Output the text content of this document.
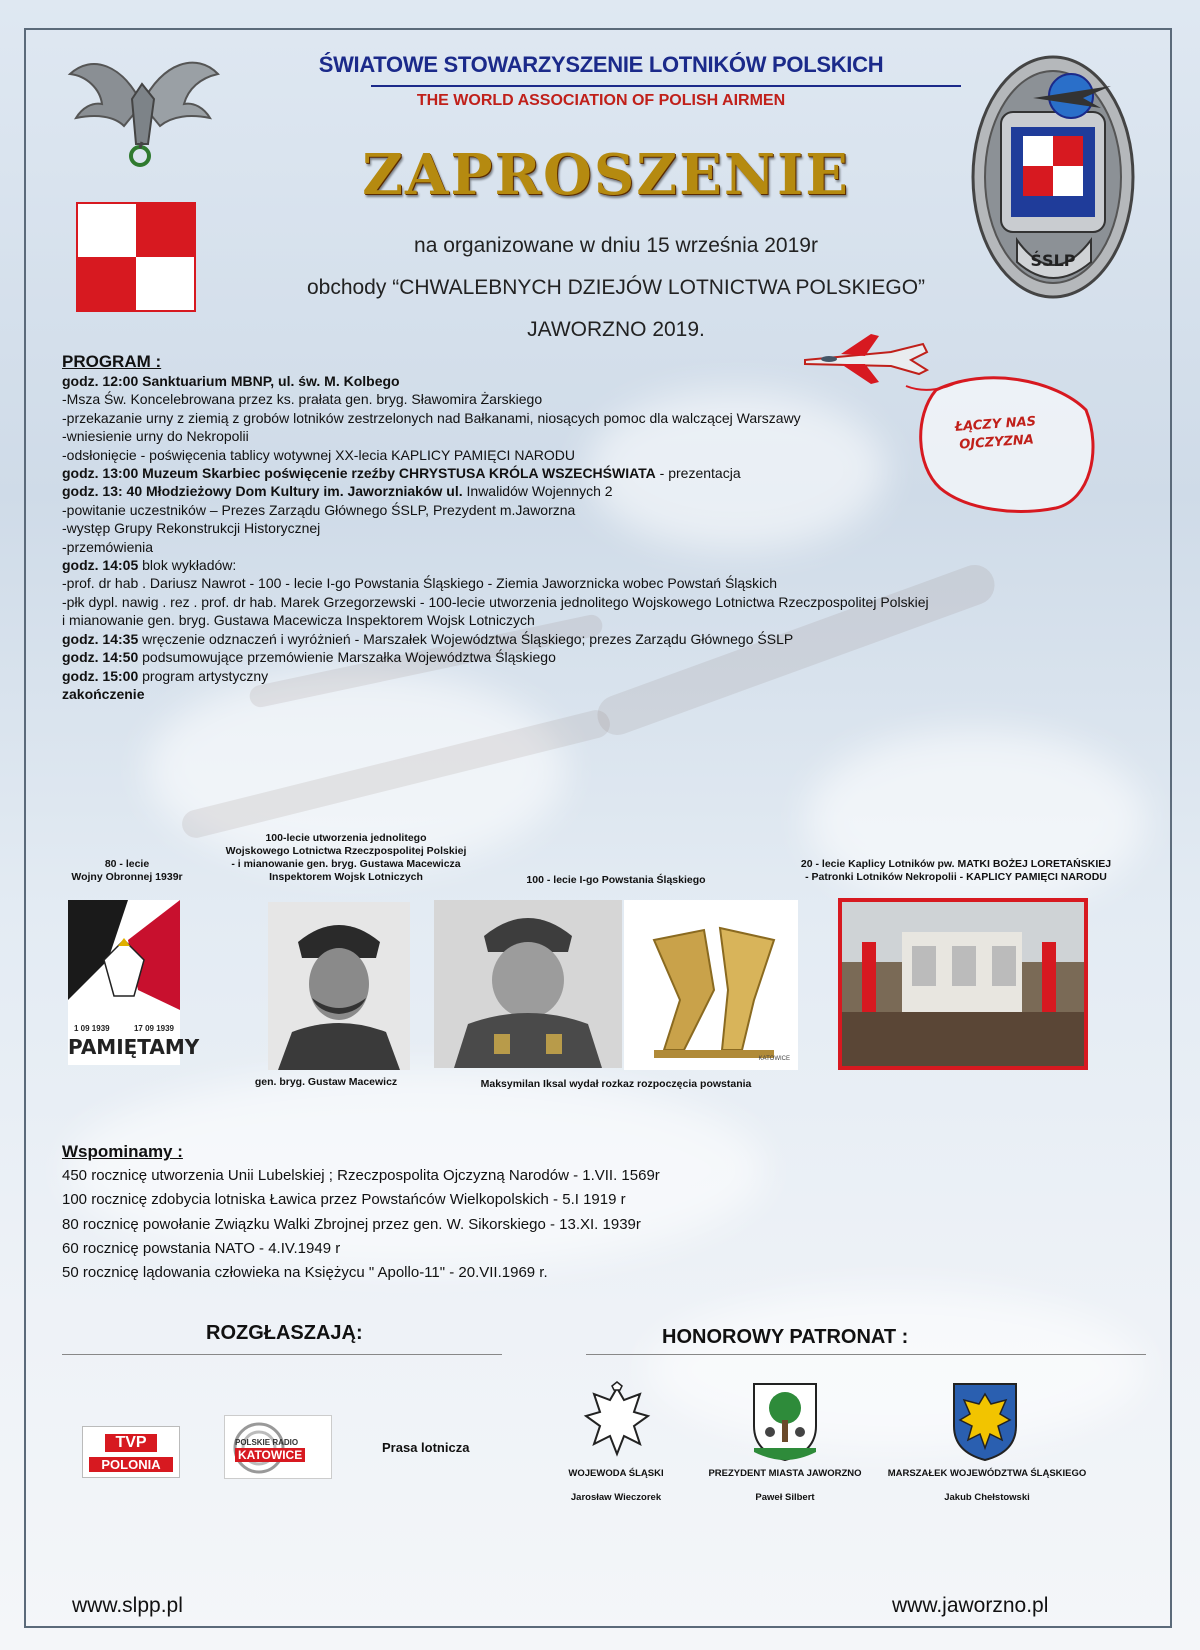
ŚSLP
ŚWIATOWE STOWARZYSZENIE LOTNIKÓW POLSKICH
THE WORLD ASSOCIATION OF POLISH AIRMEN
ZAPROSZENIE
na organizowane w dniu 15 września 2019r
obchody “CHWALEBNYCH DZIEJÓW LOTNICTWA POLSKIEGO”
JAWORZNO 2019.
ŁĄCZY NAS
OJCZYZNA
PROGRAM :
godz. 12:00 Sanktuarium MBNP, ul. św. M. Kolbego
-Msza Św. Koncelebrowana przez ks. prałata gen. bryg. Sławomira Żarskiego
-przekazanie urny z ziemią z grobów lotników zestrzelonych nad Bałkanami, niosących pomoc dla walczącej Warszawy
-wniesienie urny do Nekropolii
-odsłonięcie - poświęcenia tablicy wotywnej XX-lecia KAPLICY PAMIĘCI NARODU
godz. 13:00 Muzeum Skarbiec poświęcenie rzeźby CHRYSTUSA KRÓLA WSZECHŚWIATA - prezentacja
godz. 13: 40 Młodzieżowy Dom Kultury im. Jaworzniaków ul. Inwalidów Wojennych 2
-powitanie uczestników – Prezes Zarządu Głównego ŚSLP, Prezydent m.Jaworzna
-występ Grupy Rekonstrukcji Historycznej
-przemówienia
godz. 14:05 blok wykładów:
-prof. dr hab . Dariusz Nawrot - 100 - lecie I-go Powstania Śląskiego - Ziemia Jaworznicka wobec Powstań Śląskich
-płk dypl. nawig . rez . prof. dr hab. Marek Grzegorzewski - 100-lecie utworzenia jednolitego Wojskowego Lotnictwa Rzeczpospolitej Polskiej
i mianowanie gen. bryg. Gustawa Macewicza Inspektorem Wojsk Lotniczych
godz. 14:35 wręczenie odznaczeń i wyróżnień - Marszałek Województwa Śląskiego; prezes Zarządu Głównego ŚSLP
godz. 14:50 podsumowujące przemówienie Marszałka Województwa Śląskiego
godz. 15:00 program artystyczny
zakończenie
80 - lecie
Wojny Obronnej 1939r
100-lecie utworzenia jednolitego
Wojskowego Lotnictwa Rzeczpospolitej Polskiej
- i mianowanie gen. bryg. Gustawa Macewicza
Inspektorem Wojsk Lotniczych	100 - lecie I-go Powstania Śląskiego
20 - lecie Kaplicy Lotników pw. MATKI BOŻEJ LORETAŃSKIEJ
- Patronki Lotników Nekropolii - KAPLICY PAMIĘCI NARODU
1 09 1939	17 09 1939
PAMIĘTAMY	KATOWICE
gen. bryg. Gustaw Macewicz	Maksymilan Iksal wydał rozkaz rozpoczęcia powstania
Wspominamy :
450 rocznicę utworzenia Unii Lubelskiej ; Rzeczpospolita Ojczyzną Narodów - 1.VII. 1569r
100 rocznicę zdobycia lotniska Ławica przez Powstańców Wielkopolskich - 5.I 1919 r
80 rocznicę powołanie Związku Walki Zbrojnej przez gen. W. Sikorskiego - 13.XI. 1939r
60 rocznicę powstania NATO - 4.IV.1949 r
50 rocznicę lądowania człowieka na Księżycu " Apollo-11" - 20.VII.1969 r.
ROZGŁASZAJĄ:
TVP
POLONIA
POLSKIE RADIO
KATOWICE	Prasa lotnicza
HONOROWY PATRONAT :
WOJEWODA ŚLĄSKI
Jarosław Wieczorek
PREZYDENT MIASTA JAWORZNO
Paweł Silbert
MARSZAŁEK WOJEWÓDZTWA ŚLĄSKIEGO
Jakub Chełstowski
www.slpp.pl	www.jaworzno.pl
